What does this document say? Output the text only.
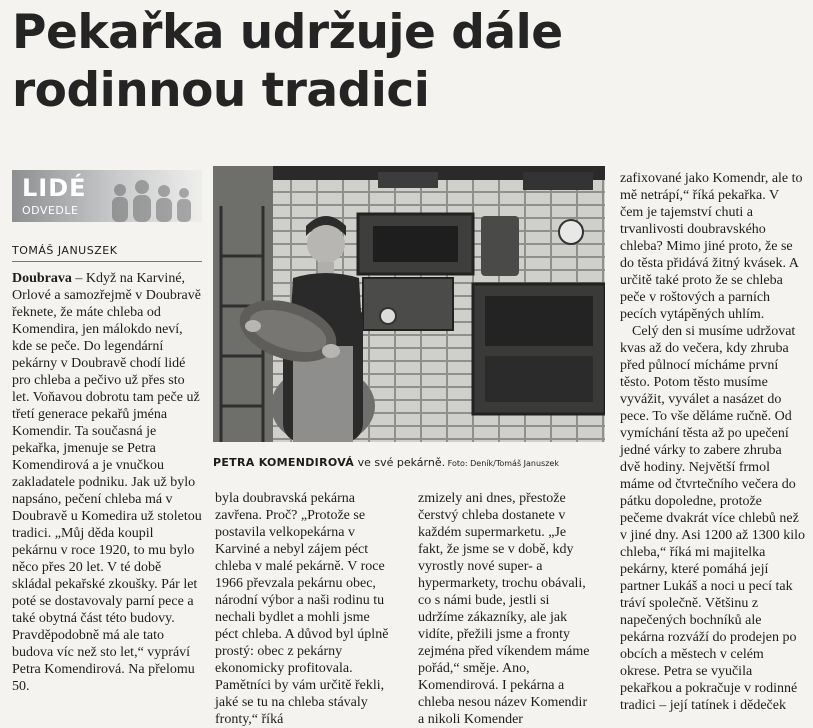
Pekařka udržuje dále
rodinnou tradici
LIDÉ
ODVEDLE
TOMÁŠ JANUSZEK

Doubrava – Když na Karviné, Orlové a samozřejmě v Doubravě řeknete, že máte chleba od Komendira, jen málokdo neví, kde se peče. Do legendární pekárny v Doubravě chodí lidé pro chleba a pečivo už přes sto let. Voňavou dobrotu tam peče už třetí generace pekařů jména Komendir. Ta současná je pekařka, jmenuje se Petra Komendirová a je vnučkou zakladatele podniku. Jak už bylo napsáno, pečení chleba má v Doubravě u Komedira už stoletou tradici. „Můj děda koupil pekárnu v roce 1920, to mu bylo něco přes 20 let. V té době skládal pekařské zkoušky. Pár let poté se dostavovaly parní pece a také obytná část této budovy. Pravděpodobně má ale tato budova víc než sto let,“ vypráví Petra Komendirová. Na přelomu 50.

PETRA KOMENDIROVÁ ve své pekárně. Foto: Deník/Tomáš Januszek

byla doubravská pekárna zavřena. Proč? „Protože se postavila velkopekárna v Karviné a nebyl zájem péct chleba v malé pekárně. V roce 1966 převzala pekárnu obec, národní výbor a naši rodinu tu nechali bydlet a mohli jsme péct chleba. A důvod byl úplně prostý: obec z pekárny ekonomicky profitovala. Pamětníci by vám určitě řekli, jaké se tu na chleba stávaly fronty,“ říká

zmizely ani dnes, přestože čerstvý chleba dostanete v každém supermarketu. „Je fakt, že jsme se v době, kdy vyrostly nové super- a hypermarkety, trochu obávali, co s námi bude, jestli si udržíme zákazníky, ale jak vidíte, přežili jsme a fronty zejména před víkendem máme pořád,“ směje. Ano, Komendirová. I pekárna a chleba nesou název Komendir a nikoli Komender

zafixované jako Komendr, ale to mě netrápí,“ říká pekařka. V čem je tajemství chuti a trvanlivosti doubravského chleba? Mimo jiné proto, že se do těsta přidává žitný kvásek. A určitě také proto že se chleba peče v roštových a parních pecích vytápěných uhlím.

Celý den si musíme udržovat kvas až do večera, kdy zhruba před půlnocí mícháme první těsto. Potom těsto musíme vyvážit, vyválet a nasázet do pece. To vše děláme ručně. Od vymíchání těsta až po upečení jedné várky to zabere zhruba dvě hodiny. Největší frmol máme od čtvrtečního večera do pátku dopoledne, protože pečeme dvakrát více chlebů než v jiné dny. Asi 1200 až 1300 kilo chleba,“ říká mi majitelka pekárny, které pomáhá její partner Lukáš a noci u pecí tak tráví společně. Většinu z napečených bochníků ale pekárna rozváží do prodejen po obcích a městech v celém okrese. Petra se vyučila pekařkou a pokračuje v rodinné tradici – její tatínek i dědeček
